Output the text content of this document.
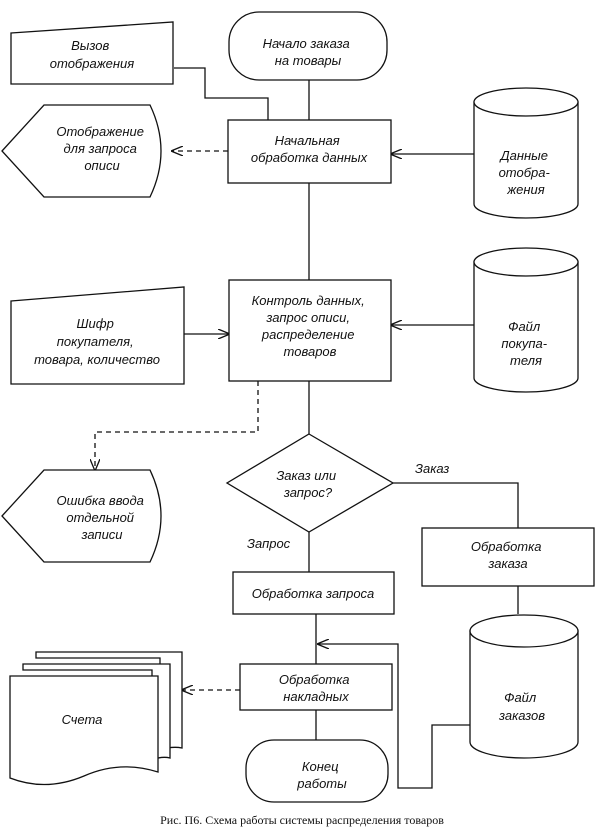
Вызов отображения
Начало заказа на товары
Начальная обработка данных
Отображение для запроса описи
Данные отобра- жения
Контроль данных, запрос описи, распределение товаров
Шифр покупателя, товара, количество
Файл покупа- теля
Ошибка ввода отдельной записи
Заказ или запрос?
Заказ
Запрос	Обработка заказа
Обработка запроса
Файл заказов
Обработка накладных
Счета
Конец работы
Рис. П6. Схема работы системы распределения товаров
